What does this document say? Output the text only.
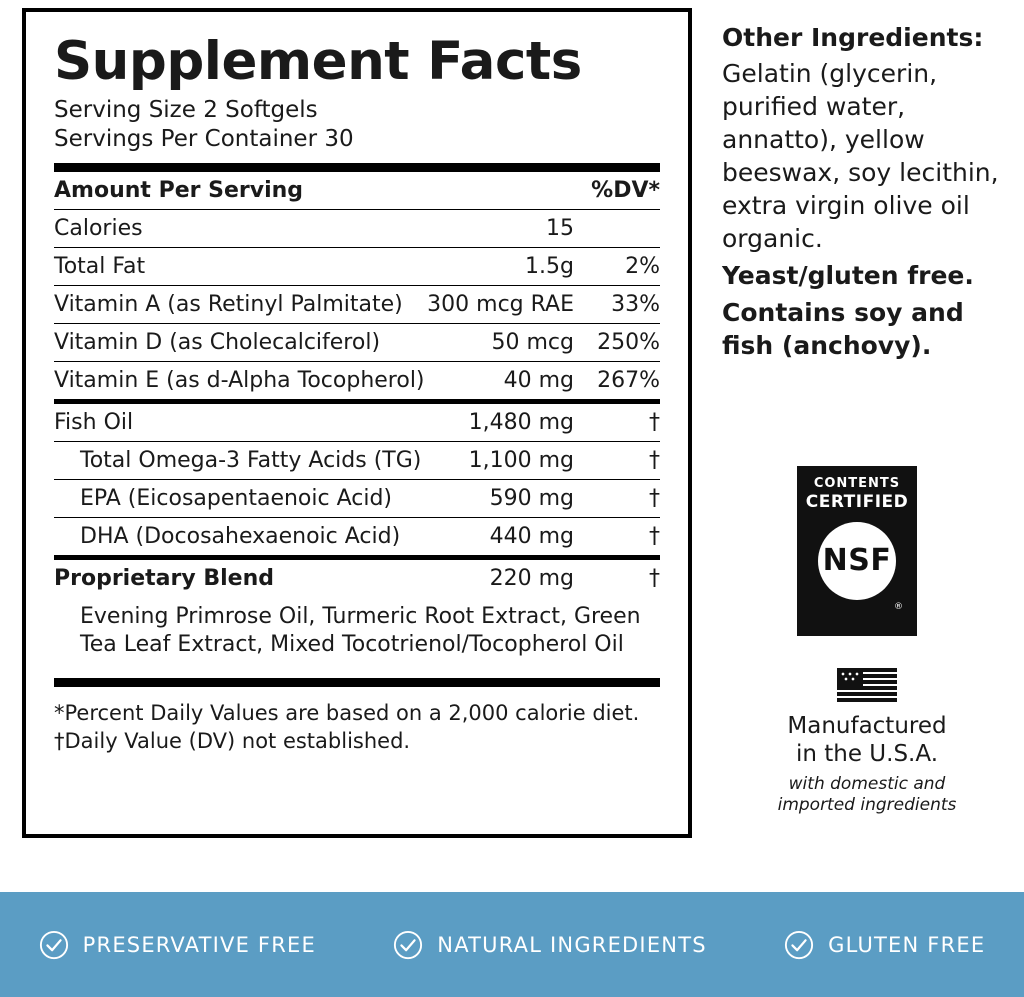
Supplement Facts
Serving Size 2 Softgels
Servings Per Container 30
Amount Per Serving		%DV*
Calories	15	
Total Fat	1.5g	2%
Vitamin A (as Retinyl Palmitate)	300 mcg RAE	33%
Vitamin D (as Cholecalciferol)	50 mcg	250%
Vitamin E (as d-Alpha Tocopherol)	40 mg	267%
Fish Oil	1,480 mg	†
Total Omega-3 Fatty Acids (TG)	1,100 mg	†
EPA (Eicosapentaenoic Acid)	590 mg	†
DHA (Docosahexaenoic Acid)	440 mg	†
Proprietary Blend	220 mg	†
Evening Primrose Oil, Turmeric Root Extract, Green Tea Leaf Extract, Mixed Tocotrienol/Tocopherol Oil
*Percent Daily Values are based on a 2,000 calorie diet.
†Daily Value (DV) not established.
Other Ingredients:
Gelatin (glycerin, purified water, annatto), yellow beeswax, soy lecithin, extra virgin olive oil organic.
Yeast/gluten free.
Contains soy and fish (anchovy).
CONTENTS
CERTIFIED
NSF
®
Manufactured
in the U.S.A.
with domestic and
imported ingredients
PRESERVATIVE FREE	NATURAL INGREDIENTS	GLUTEN FREE
